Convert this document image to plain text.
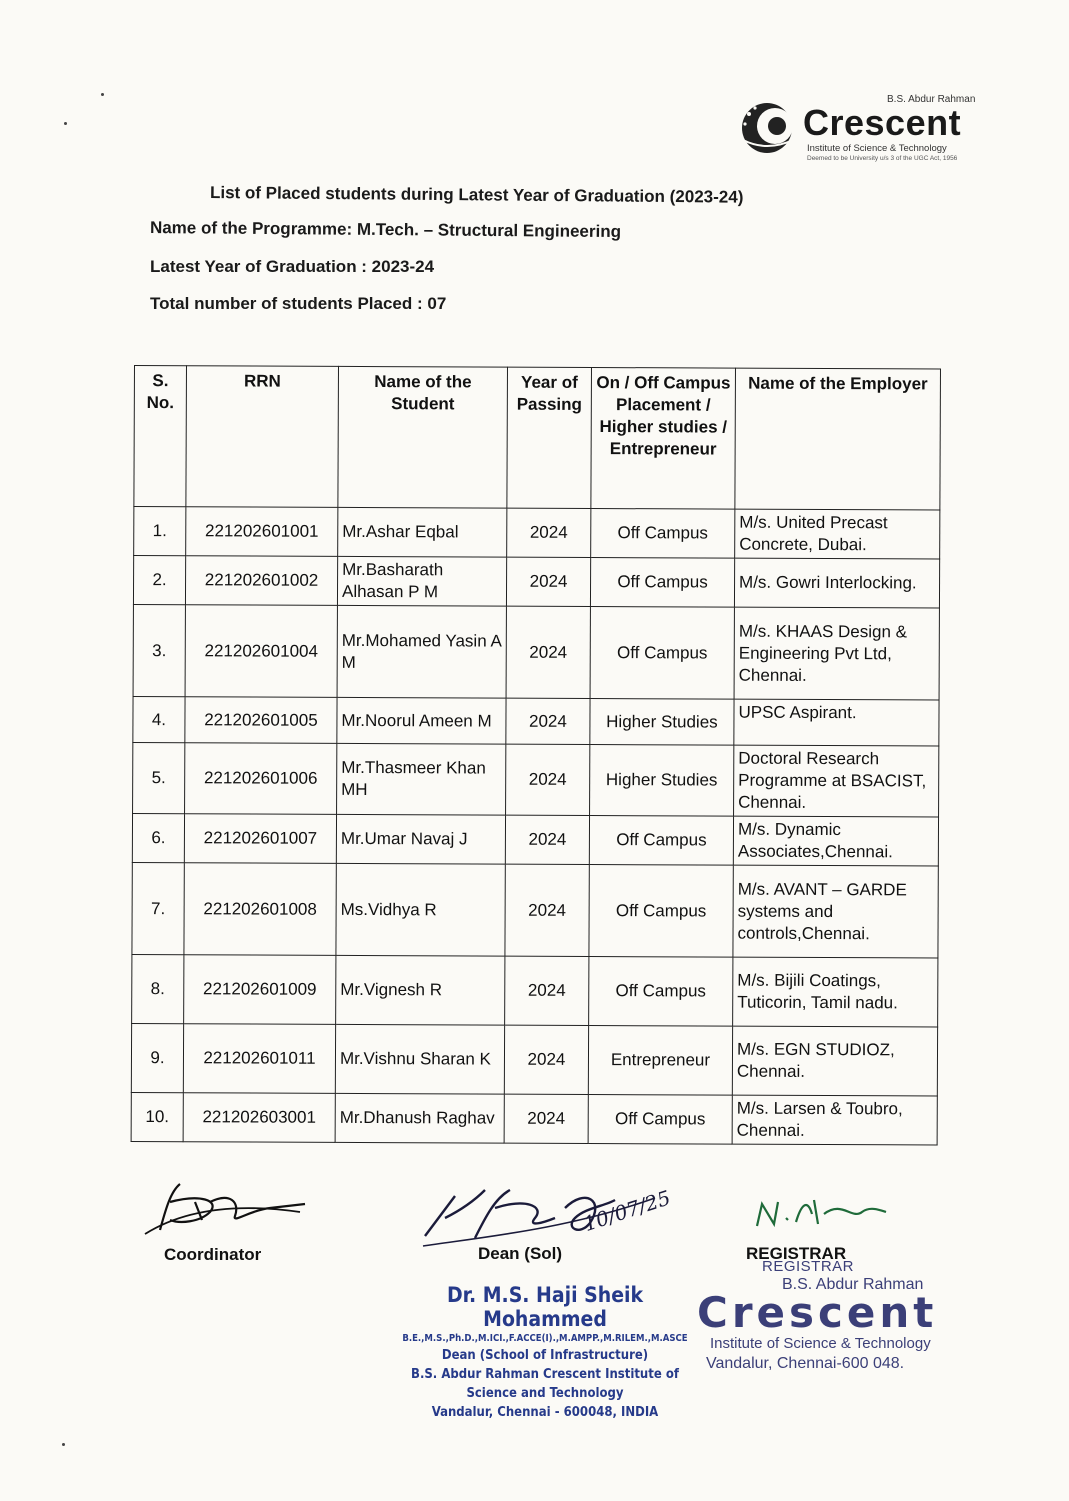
B.S. Abdur Rahman
Crescent
Institute of Science & Technology
Deemed to be University u/s 3 of the UGC Act, 1956
List of Placed students during Latest Year of Graduation (2023-24)
Name of the Programme: M.Tech. – Structural Engineering
Latest Year of Graduation : 2023-24
Total number of students Placed : 07
S. No.	RRN	Name of the Student	Year of Passing	On / Off Campus Placement / Higher studies / Entrepreneur	Name of the Employer
1.	221202601001	Mr.Ashar Eqbal	2024	Off Campus	M/s. United Precast Concrete, Dubai.
2.	221202601002	Mr.Basharath Alhasan P M	2024	Off Campus	M/s. Gowri Interlocking.
3.	221202601004	Mr.Mohamed Yasin A M	2024	Off Campus	M/s. KHAAS Design & Engineering Pvt Ltd, Chennai.
4.	221202601005	Mr.Noorul Ameen M	2024	Higher Studies	UPSC Aspirant.
5.	221202601006	Mr.Thasmeer Khan MH	2024	Higher Studies	Doctoral Research Programme at BSACIST, Chennai.
6.	221202601007	Mr.Umar Navaj J	2024	Off Campus	M/s. Dynamic Associates,Chennai.
7.	221202601008	Ms.Vidhya R	2024	Off Campus	M/s. AVANT – GARDE systems and controls,Chennai.
8.	221202601009	Mr.Vignesh R	2024	Off Campus	M/s. Bijili Coatings, Tuticorin, Tamil nadu.
9.	221202601011	Mr.Vishnu Sharan K	2024	Entrepreneur	M/s. EGN STUDIOZ, Chennai.
10.	221202603001	Mr.Dhanush Raghav	2024	Off Campus	M/s. Larsen & Toubro, Chennai.
Coordinator	Dean (Sol)
10/07/25
REGISTRAR
Dr. M.S. Haji Sheik Mohammed
B.E.,M.S.,Ph.D.,M.ICI.,F.ACCE(I).,M.AMPP.,M.RILEM.,M.ASCE
Dean (School of Infrastructure)
B.S. Abdur Rahman Crescent Institute of
Science and Technology
Vandalur, Chennai - 600048, INDIA
REGISTRAR
B.S. Abdur Rahman
Crescent
Institute of Science & Technology
Vandalur, Chennai-600 048.
